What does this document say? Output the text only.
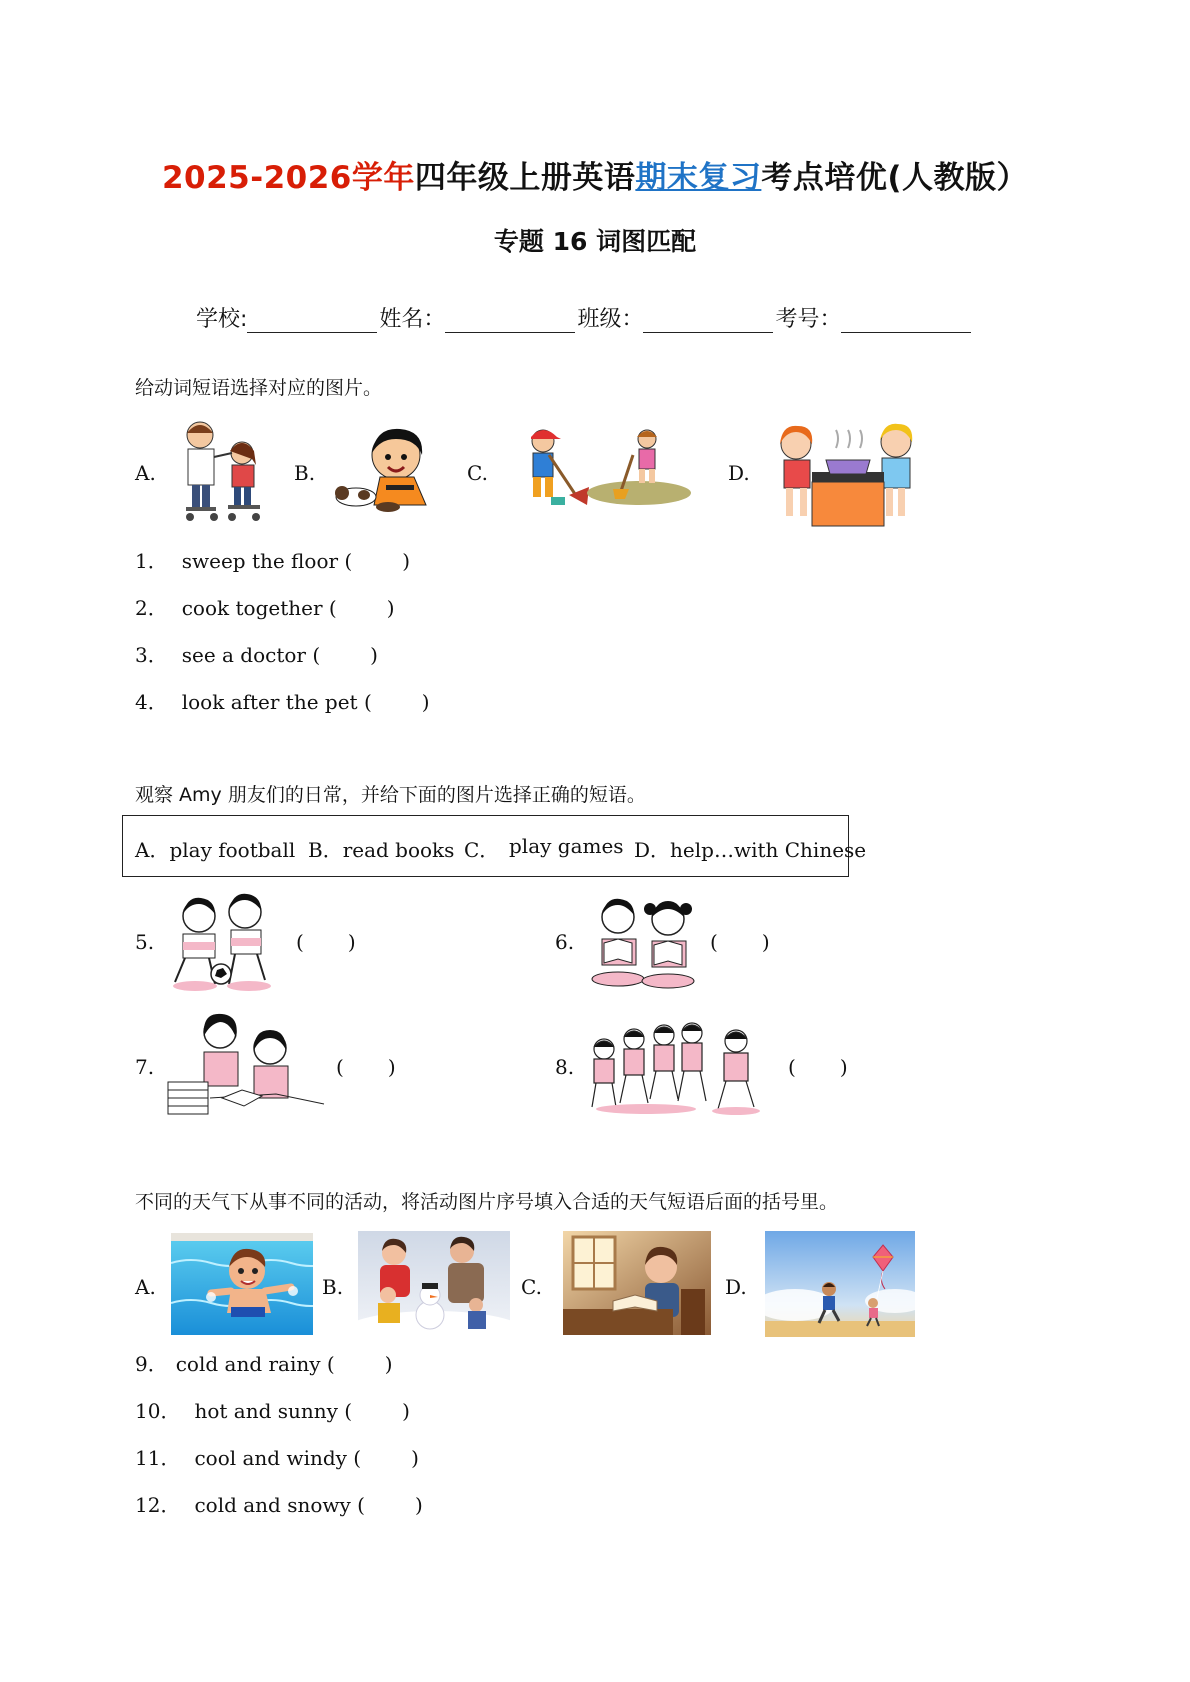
2025-2026学年四年级上册英语期末复习考点培优(人教版）
专题 16 词图匹配
学校:	姓名：	班级：	考号：
给动词短语选择对应的图片。
A.	B.	C.	D.
1． sweep the floor (	)
2． cook together (	)
3． see a doctor (	)
4． look after the pet (	)
观察 Amy 朋友们的日常，并给下面的图片选择正确的短语。
A．play football B．read books C． play games D．help…with Chinese
5.	( )	6.	( )
7.	( )	8.	( )
不同的天气下从事不同的活动，将活动图片序号填入合适的天气短语后面的括号里。
A.	B.	C.	D.
9． cold and rainy (	)
10． hot and sunny (	)
11． cool and windy (	)
12． cold and snowy (	)
